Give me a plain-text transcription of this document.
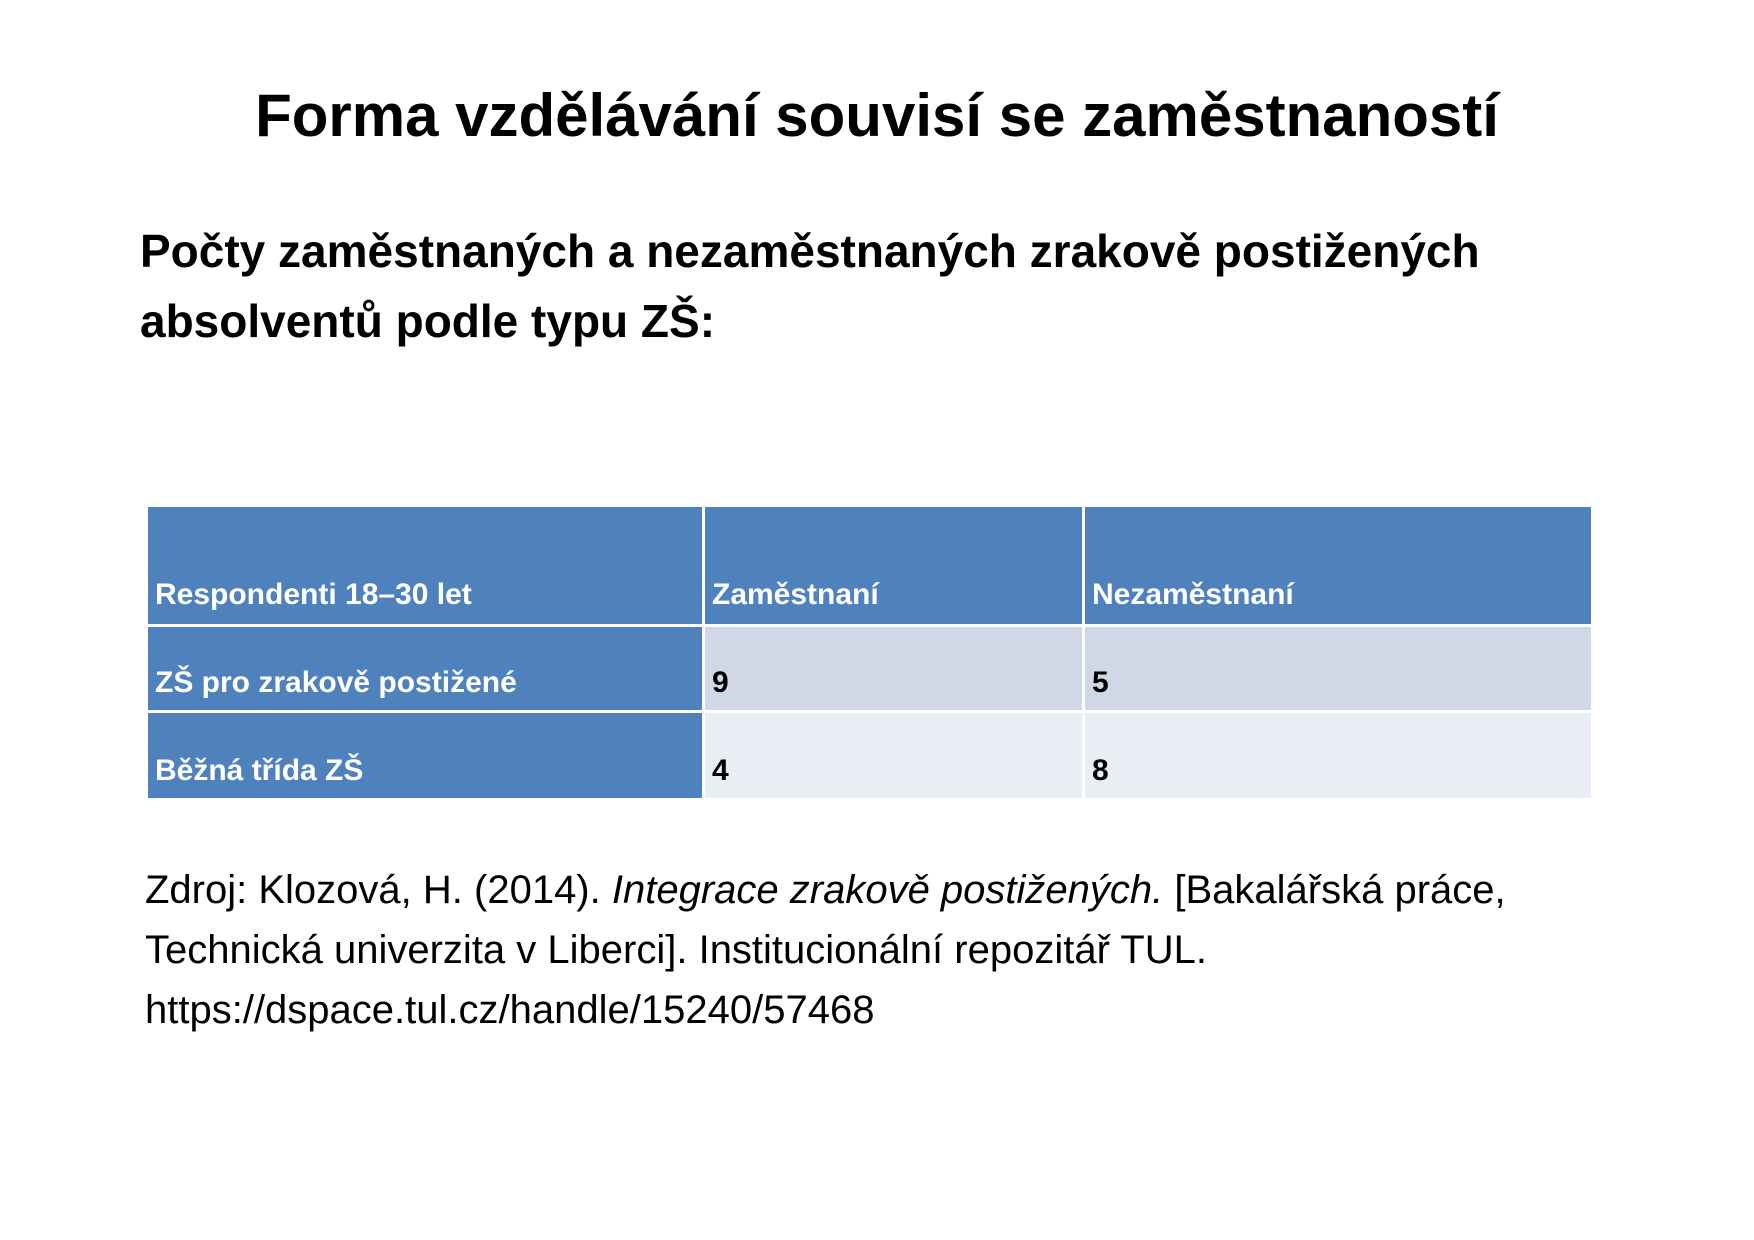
Forma vzdělávání souvisí se zaměstnaností

Počty zaměstnaných a nezaměstnaných zrakově postižených absolventů podle typu ZŠ:

Respondenti 18–30 let	Zaměstnaní	Nezaměstnaní
ZŠ pro zrakově postižené	9	5
Běžná třída ZŠ	4	8

Zdroj: Klozová, H. (2014). Integrace zrakově postižených. [Bakalářská práce, Technická univerzita v Liberci]. Institucionální repozitář TUL. https://dspace.tul.cz/handle/15240/57468
